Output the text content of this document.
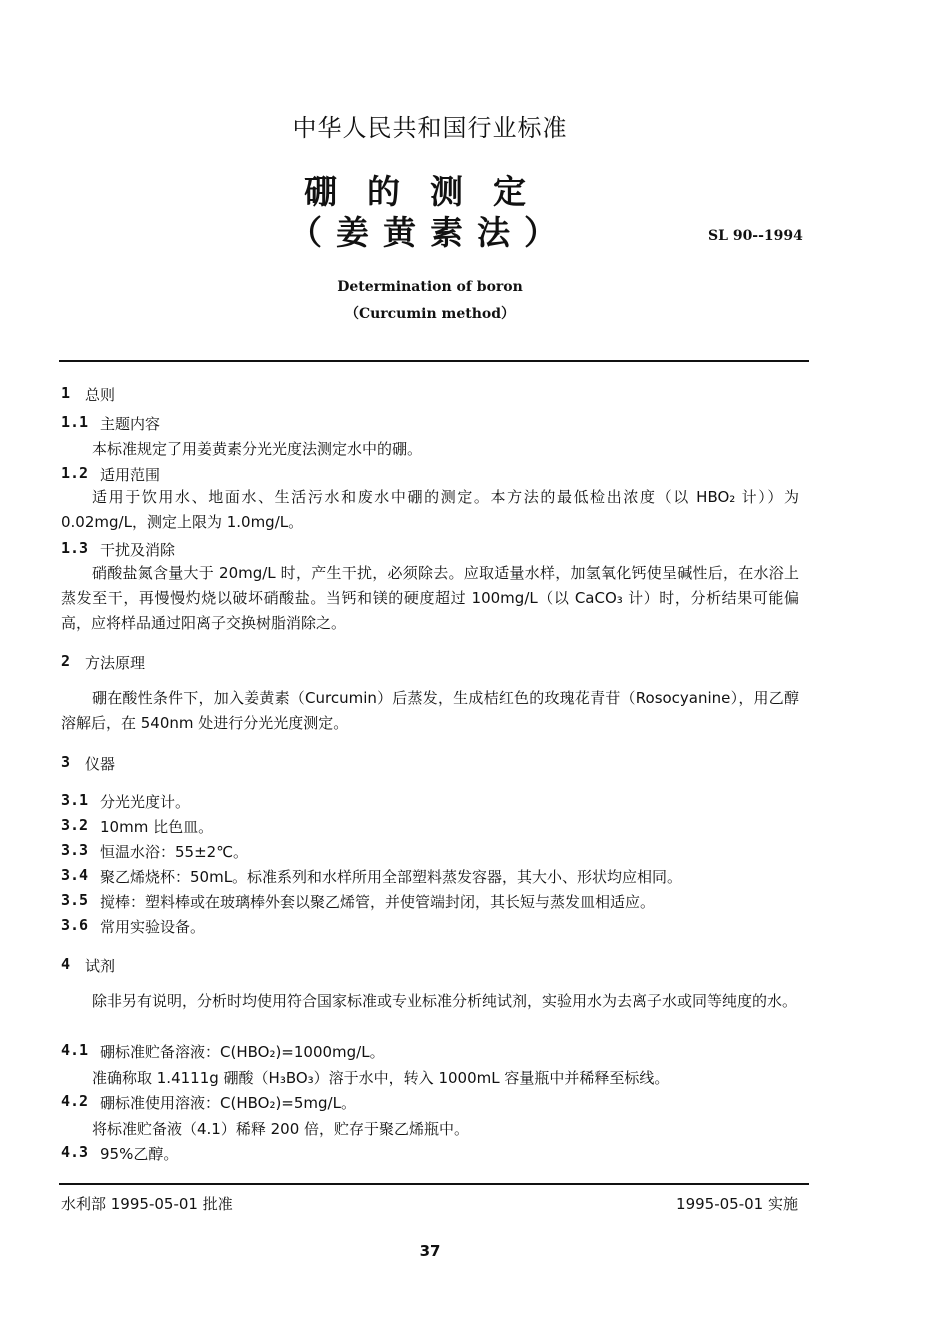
中华人民共和国行业标准
硼的测定
（姜黄素法）	SL 90--1994
Determination of boron
（Curcumin method）
1 总则
1.1 主题内容
本标准规定了用姜黄素分光光度法测定水中的硼。
1.2 适用范围
适用于饮用水、地面水、生活污水和废水中硼的测定。本方法的最低检出浓度（以 HBO₂ 计））为 0.02mg/L，测定上限为 1.0mg/L。
1.3 干扰及消除
硝酸盐氮含量大于 20mg/L 时，产生干扰，必须除去。应取适量水样，加氢氧化钙使呈碱性后，在水浴上蒸发至干，再慢慢灼烧以破坏硝酸盐。当钙和镁的硬度超过 100mg/L（以 CaCO₃ 计）时，分析结果可能偏高，应将样品通过阳离子交换树脂消除之。
2 方法原理
硼在酸性条件下，加入姜黄素（Curcumin）后蒸发，生成桔红色的玫瑰花青苷（Rosocyanine），用乙醇溶解后，在 540nm 处进行分光光度测定。
3 仪器
3.1 分光光度计。
3.2 10mm 比色皿。
3.3 恒温水浴：55±2℃。
3.4 聚乙烯烧杯：50mL。标准系列和水样所用全部塑料蒸发容器，其大小、形状均应相同。
3.5 搅棒：塑料棒或在玻璃棒外套以聚乙烯管，并使管端封闭，其长短与蒸发皿相适应。
3.6 常用实验设备。
4 试剂
除非另有说明，分析时均使用符合国家标准或专业标准分析纯试剂，实验用水为去离子水或同等纯度的水。
4.1 硼标准贮备溶液：C(HBO₂)=1000mg/L。
准确称取 1.4111g 硼酸（H₃BO₃）溶于水中，转入 1000mL 容量瓶中并稀释至标线。
4.2 硼标准使用溶液：C(HBO₂)=5mg/L。
将标准贮备液（4.1）稀释 200 倍，贮存于聚乙烯瓶中。
4.3 95%乙醇。
水利部 1995-05-01 批准	1995-05-01 实施
37
